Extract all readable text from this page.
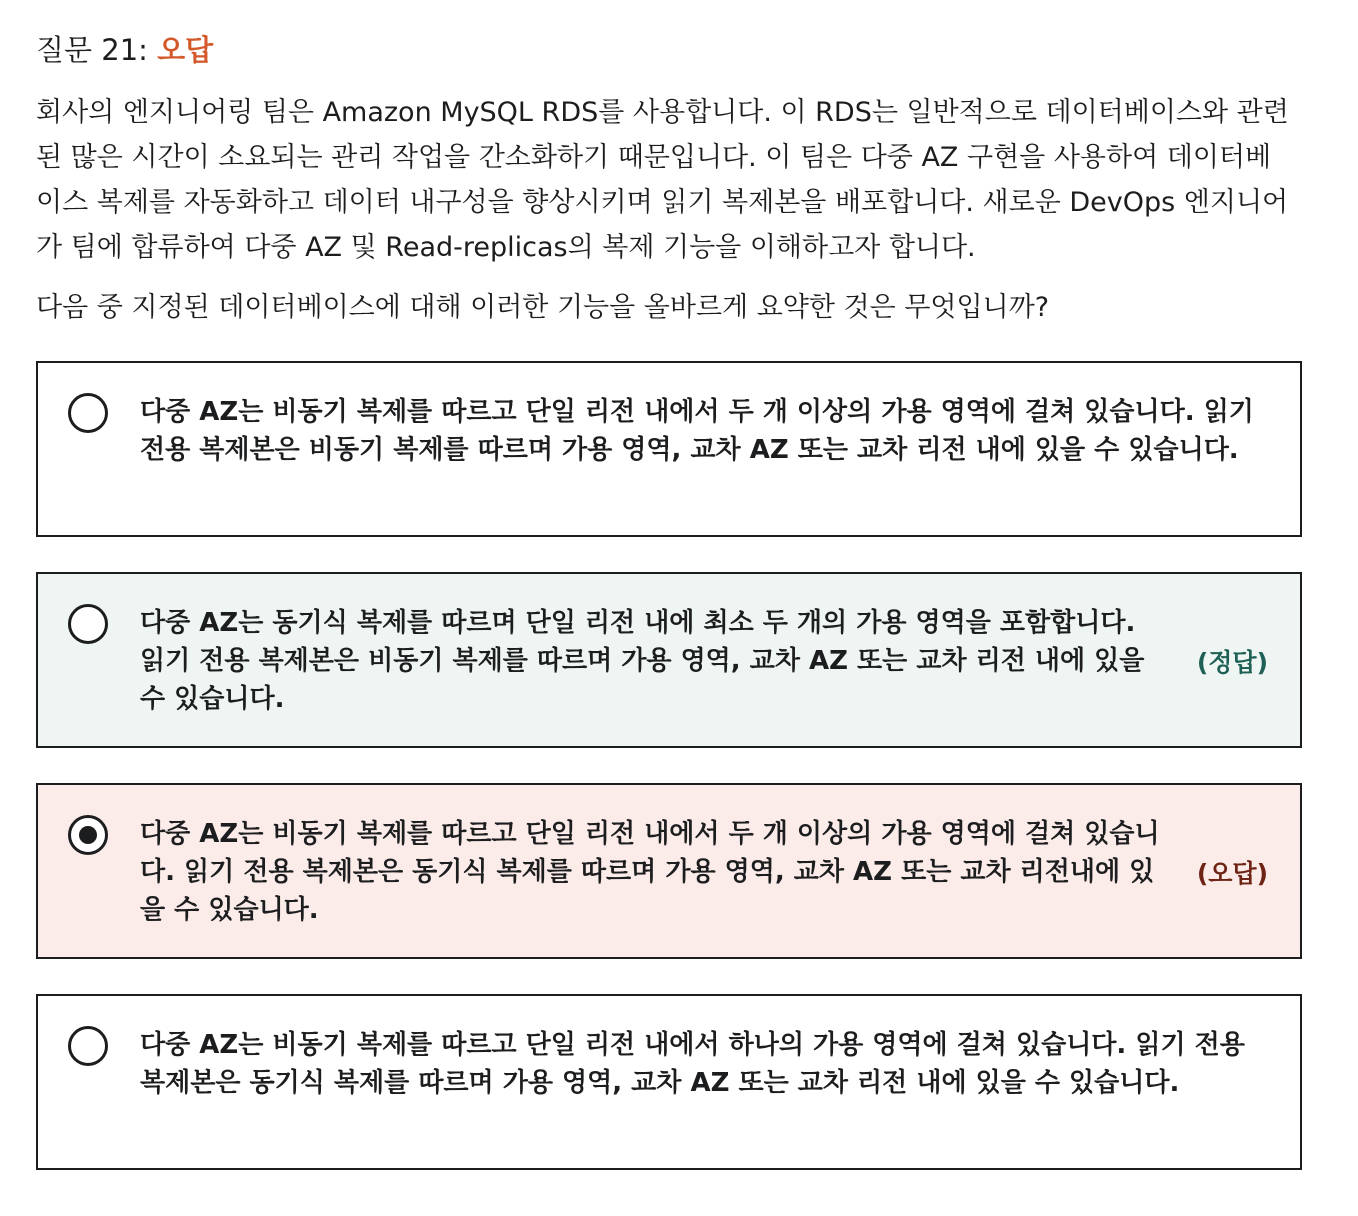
질문 21: 오답

회사의 엔지니어링 팀은 Amazon MySQL RDS를 사용합니다. 이 RDS는 일반적으로 데이터베이스와 관련된 많은 시간이 소요되는 관리 작업을 간소화하기 때문입니다. 이 팀은 다중 AZ 구현을 사용하여 데이터베이스 복제를 자동화하고 데이터 내구성을 향상시키며 읽기 복제본을 배포합니다. 새로운 DevOps 엔지니어가 팀에 합류하여 다중 AZ 및 Read-replicas의 복제 기능을 이해하고자 합니다.

다음 중 지정된 데이터베이스에 대해 이러한 기능을 올바르게 요약한 것은 무엇입니까?

다중 AZ는 비동기 복제를 따르고 단일 리전 내에서 두 개 이상의 가용 영역에 걸쳐 있습니다. 읽기 전용 복제본은 비동기 복제를 따르며 가용 영역, 교차 AZ 또는 교차 리전 내에 있을 수 있습니다.
다중 AZ는 동기식 복제를 따르며 단일 리전 내에 최소 두 개의 가용 영역을 포함합니다. 읽기 전용 복제본은 비동기 복제를 따르며 가용 영역, 교차 AZ 또는 교차 리전 내에 있을 수 있습니다.
(정답)
다중 AZ는 비동기 복제를 따르고 단일 리전 내에서 두 개 이상의 가용 영역에 걸쳐 있습니다. 읽기 전용 복제본은 동기식 복제를 따르며 가용 영역, 교차 AZ 또는 교차 리전내에 있을 수 있습니다.
(오답)
다중 AZ는 비동기 복제를 따르고 단일 리전 내에서 하나의 가용 영역에 걸쳐 있습니다. 읽기 전용 복제본은 동기식 복제를 따르며 가용 영역, 교차 AZ 또는 교차 리전 내에 있을 수 있습니다.
